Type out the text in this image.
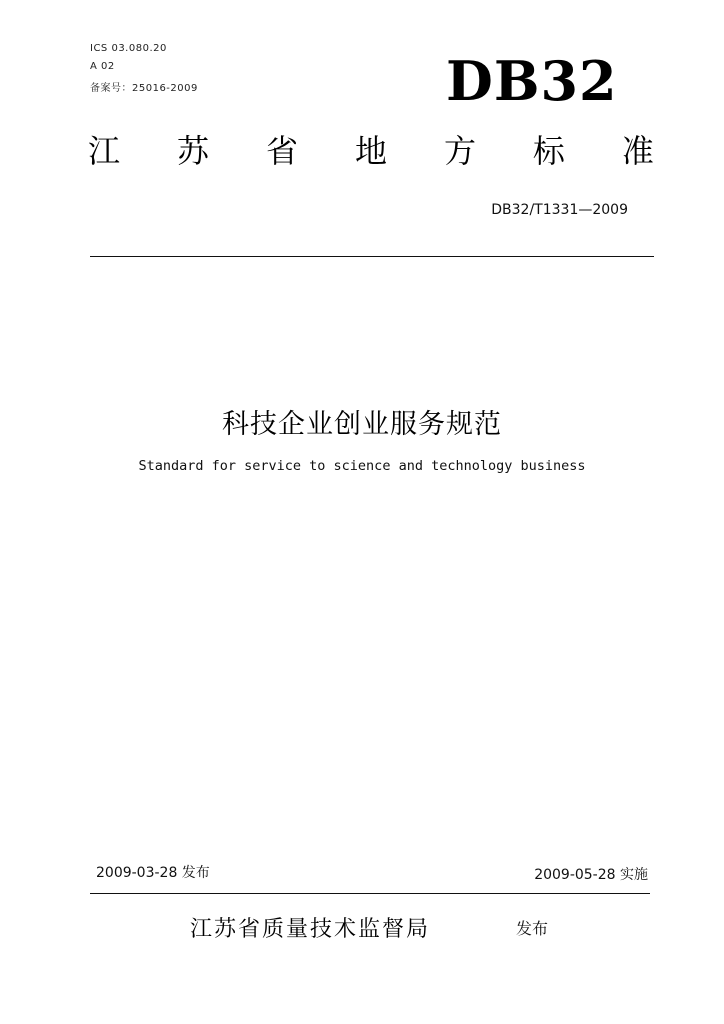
ICS 03.080.20
A 02
备案号：25016-2009	DB32
江 苏 省 地 方 标 准
DB32/T1331—2009
科技企业创业服务规范
Standard for service to science and technology business
2009-03-28 发布	2009-05-28 实施
江苏省质量技术监督局	发布
